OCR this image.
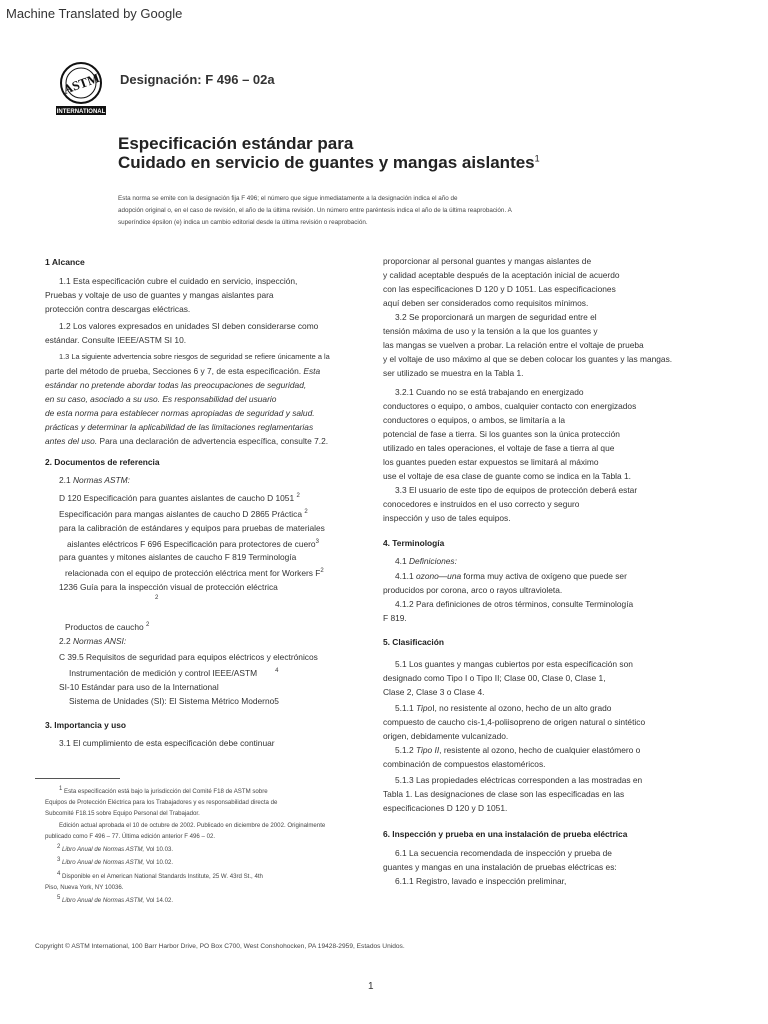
Machine Translated by Google
ASTM
INTERNATIONAL
Designación: F 496 – 02a
Especificación estándar para
Cuidado en servicio de guantes y mangas aislantes$^1$
Esta norma se emite con la designación fija F 496; el número que sigue inmediatamente a la designación indica el año de
adopción original o, en el caso de revisión, el año de la última revisión. Un número entre paréntesis indica el año de la última reaprobación. A
superíndice épsilon (e) indica un cambio editorial desde la última revisión o reaprobación.
1 Alcance
1.1 Esta especificación cubre el cuidado en servicio, inspección,
Pruebas y voltaje de uso de guantes y mangas aislantes para
protección contra descargas eléctricas.
1.2 Los valores expresados en unidades SI deben considerarse como
estándar. Consulte IEEE/ASTM SI 10.
1.3 La siguiente advertencia sobre riesgos de seguridad se refiere únicamente a la
parte del método de prueba, Secciones 6 y 7, de esta especificación. Esta
estándar no pretende abordar todas las preocupaciones de seguridad,
en su caso, asociado a su uso. Es responsabilidad del usuario
de esta norma para establecer normas apropiadas de seguridad y salud.
prácticas y determinar la aplicabilidad de las limitaciones reglamentarias
antes del uso. Para una declaración de advertencia específica, consulte 7.2.
2. Documentos de referencia
2.1 Normas ASTM:
D 120 Especificación para guantes aislantes de caucho D 1051 $^2$
Especificación para mangas aislantes de caucho D 2865 Práctica $^2$
para la calibración de estándares y equipos para pruebas de materiales
aislantes eléctricos F 696 Especificación para protectores de cuero$^3$
para guantes y mitones aislantes de caucho F 819 Terminología
relacionada con el equipo de protección eléctrica ment for Workers $F^2$
1236 Guía para la inspección visual de protección eléctrica
$^2$
Productos de caucho $^2$
2.2 Normas ANSI:
C 39.5 Requisitos de seguridad para equipos eléctricos y electrónicos
Instrumentación de medición y control IEEE/ASTM	$^4$
SI-10 Estándar para uso de la International
Sistema de Unidades (SI): El Sistema Métrico Moderno5
3. Importancia y uso
3.1 El cumplimiento de esta especificación debe continuar
proporcionar al personal guantes y mangas aislantes de
y calidad aceptable después de la aceptación inicial de acuerdo
con las especificaciones D 120 y D 1051. Las especificaciones
aquí deben ser considerados como requisitos mínimos.
3.2 Se proporcionará un margen de seguridad entre el
tensión máxima de uso y la tensión a la que los guantes y
las mangas se vuelven a probar. La relación entre el voltaje de prueba
y el voltaje de uso máximo al que se deben colocar los guantes y las mangas.
ser utilizado se muestra en la Tabla 1.
3.2.1 Cuando no se está trabajando en energizado
conductores o equipo, o ambos, cualquier contacto con energizados
conductores o equipos, o ambos, se limitaría a la
potencial de fase a tierra. Si los guantes son la única protección
utilizado en tales operaciones, el voltaje de fase a tierra al que
los guantes pueden estar expuestos se limitará al máximo
use el voltaje de esa clase de guante como se indica en la Tabla 1.
3.3 El usuario de este tipo de equipos de protección deberá estar
conocedores e instruidos en el uso correcto y seguro
inspección y uso de tales equipos.
4. Terminología
4.1 Definiciones:
4.1.1 ozono—una forma muy activa de oxígeno que puede ser
producidos por corona, arco o rayos ultravioleta.
4.1.2 Para definiciones de otros términos, consulte Terminología
F 819.
5. Clasificación
5.1 Los guantes y mangas cubiertos por esta especificación son
designado como Tipo I o Tipo II; Clase 00, Clase 0, Clase 1,
Clase 2, Clase 3 o Clase 4.
5.1.1 TipoI, no resistente al ozono, hecho de un alto grado
compuesto de caucho cis-1,4-poliisopreno de origen natural o sintético
origen, debidamente vulcanizado.
5.1.2 Tipo II, resistente al ozono, hecho de cualquier elastómero o
combinación de compuestos elastoméricos.
5.1.3 Las propiedades eléctricas corresponden a las mostradas en
Tabla 1. Las designaciones de clase son las especificadas en las
especificaciones D 120 y D 1051.
6. Inspección y prueba en una instalación de prueba eléctrica
6.1 La secuencia recomendada de inspección y prueba de
guantes y mangas en una instalación de pruebas eléctricas es:
6.1.1 Registro, lavado e inspección preliminar,
$^1$ Esta especificación está bajo la jurisdicción del Comité F18 de ASTM sobre
Equipos de Protección Eléctrica para los Trabajadores y es responsabilidad directa de
Subcomité F18.15 sobre Equipo Personal del Trabajador.
Edición actual aprobada el 10 de octubre de 2002. Publicado en diciembre de 2002. Originalmente
publicado como F 496 – 77. Última edición anterior F 496 – 02.
$^2$ Libro Anual de Normas ASTM, Vol 10.03.
$^3$ Libro Anual de Normas ASTM, Vol 10.02.
$^4$ Disponible en el American National Standards Institute, 25 W. 43rd St., 4th
Piso, Nueva York, NY 10036.
$^5$ Libro Anual de Normas ASTM, Vol 14.02.
Copyright © ASTM International, 100 Barr Harbor Drive, PO Box C700, West Conshohocken, PA 19428-2959, Estados Unidos.
1
